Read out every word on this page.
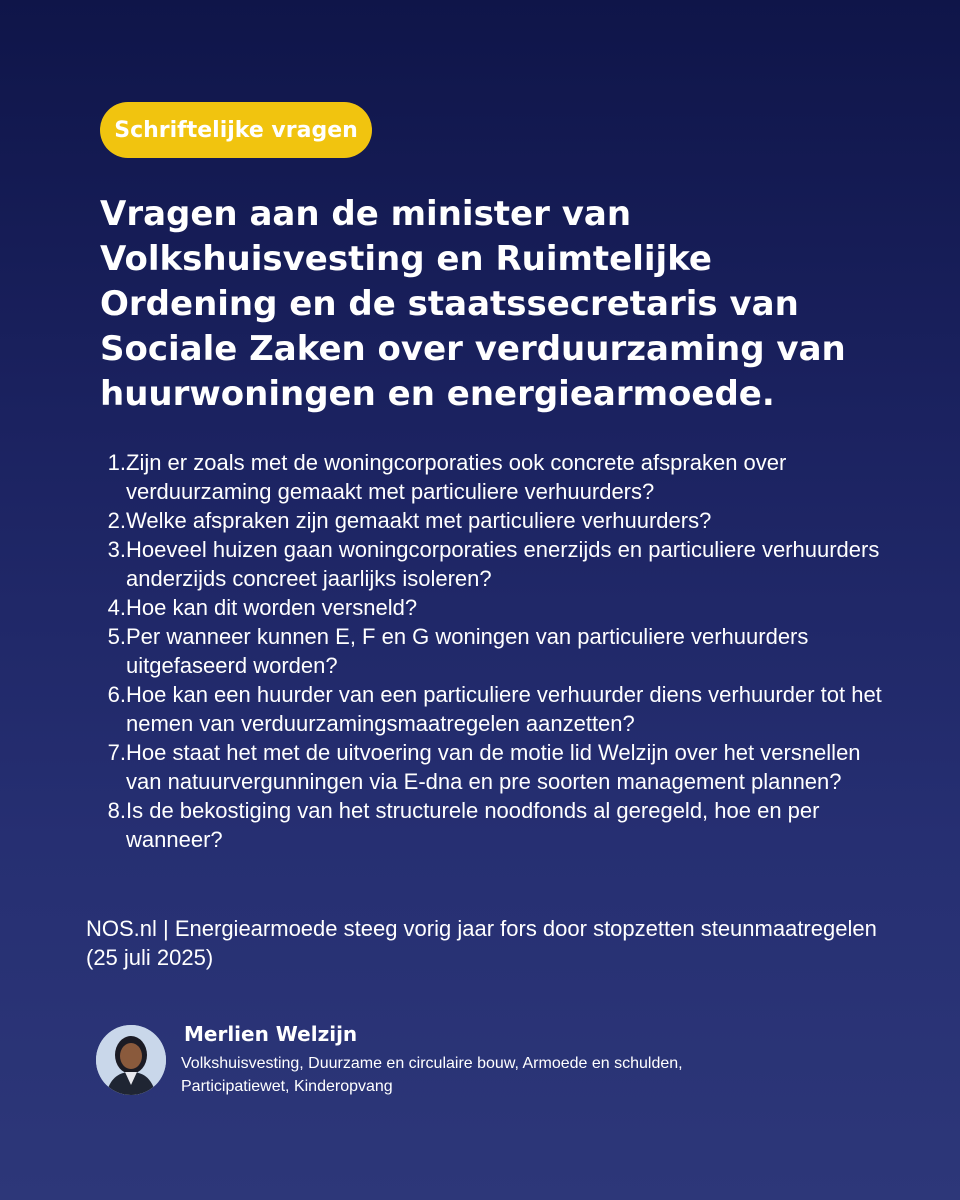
Schriftelijke vragen
Vragen aan de minister van Volkshuisvesting en Ruimtelijke Ordening en de staatssecretaris van Sociale Zaken over verduurzaming van huurwoningen en energiearmoede.
1. Zijn er zoals met de woningcorporaties ook concrete afspraken over verduurzaming gemaakt met particuliere verhuurders?
2. Welke afspraken zijn gemaakt met particuliere verhuurders?
3. Hoeveel huizen gaan woningcorporaties enerzijds en particuliere verhuurders anderzijds concreet jaarlijks isoleren?
4. Hoe kan dit worden versneld?
5. Per wanneer kunnen E, F en G woningen van particuliere verhuurders uitgefaseerd worden?
6. Hoe kan een huurder van een particuliere verhuurder diens verhuurder tot het nemen van verduurzamingsmaatregelen aanzetten?
7. Hoe staat het met de uitvoering van de motie lid Welzijn over het versnellen van natuurvergunningen via E-dna en pre soorten management plannen?
8. Is de bekostiging van het structurele noodfonds al geregeld, hoe en per wanneer?
NOS.nl | Energiearmoede steeg vorig jaar fors door stopzetten steunmaatregelen (25 juli 2025)
Merlien Welzijn
Volkshuisvesting, Duurzame en circulaire bouw, Armoede en schulden, Participatiewet, Kinderopvang
